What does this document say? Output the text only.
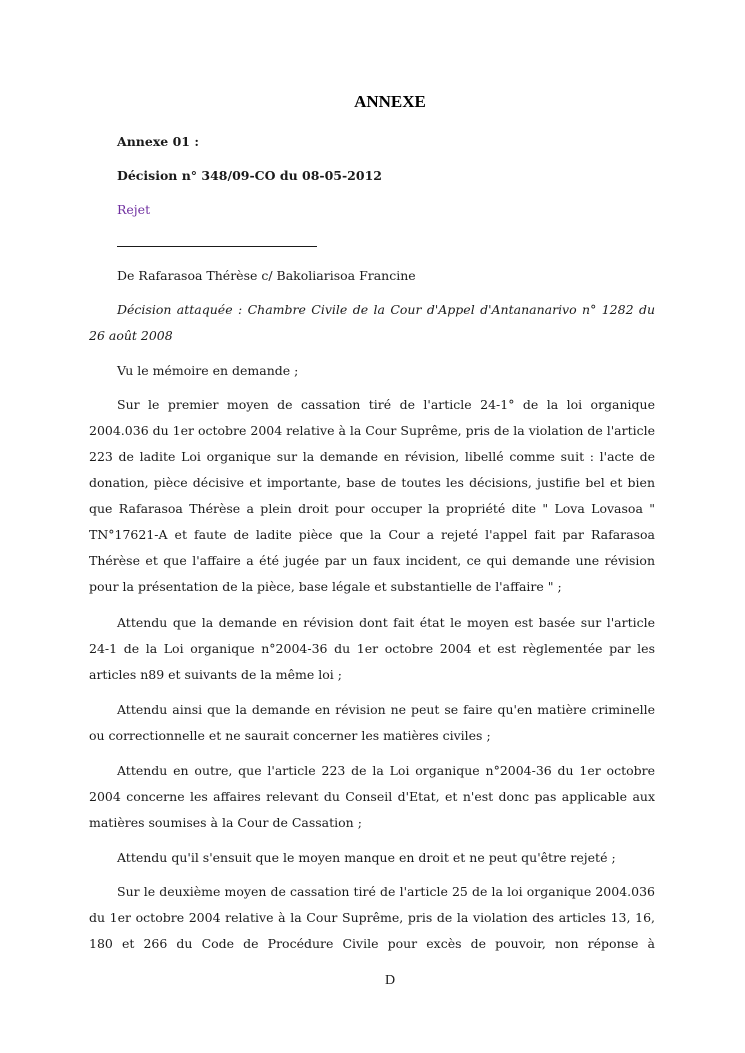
ANNEXE
Annexe 01 :
Décision n° 348/09-CO du 08-05-2012
Rejet
De Rafarasoa Thérèse c/ Bakoliarisoa Francine

Décision attaquée : Chambre Civile de la Cour d'Appel d'Antananarivo n° 1282 du 26 août 2008

Vu le mémoire en demande ;

Sur le premier moyen de cassation tiré de l'article 24-1° de la loi organique 2004.036 du 1er octobre 2004 relative à la Cour Suprême, pris de la violation de l'article 223 de ladite Loi organique sur la demande en révision, libellé comme suit : l'acte de donation, pièce décisive et importante, base de toutes les décisions, justifie bel et bien que Rafarasoa Thérèse a plein droit pour occuper la propriété dite " Lova Lovasoa " TN°17621-A et faute de ladite pièce que la Cour a rejeté l'appel fait par Rafarasoa Thérèse et que l'affaire a été jugée par un faux incident, ce qui demande une révision pour la présentation de la pièce, base légale et substantielle de l'affaire " ;

Attendu que la demande en révision dont fait état le moyen est basée sur l'article 24-1 de la Loi organique n°2004-36 du 1er octobre 2004 et est règlementée par les articles n89 et suivants de la même loi ;

Attendu ainsi que la demande en révision ne peut se faire qu'en matière criminelle ou correctionnelle et ne saurait concerner les matières civiles ;

Attendu en outre, que l'article 223 de la Loi organique n°2004-36 du 1er octobre 2004 concerne les affaires relevant du Conseil d'Etat, et n'est donc pas applicable aux matières soumises à la Cour de Cassation ;

Attendu qu'il s'ensuit que le moyen manque en droit et ne peut qu'être rejeté ;

Sur le deuxième moyen de cassation tiré de l'article 25 de la loi organique 2004.036 du 1er octobre 2004 relative à la Cour Suprême, pris de la violation des articles 13, 16, 180 et 266 du Code de Procédure Civile pour excès de pouvoir, non réponse à

D
